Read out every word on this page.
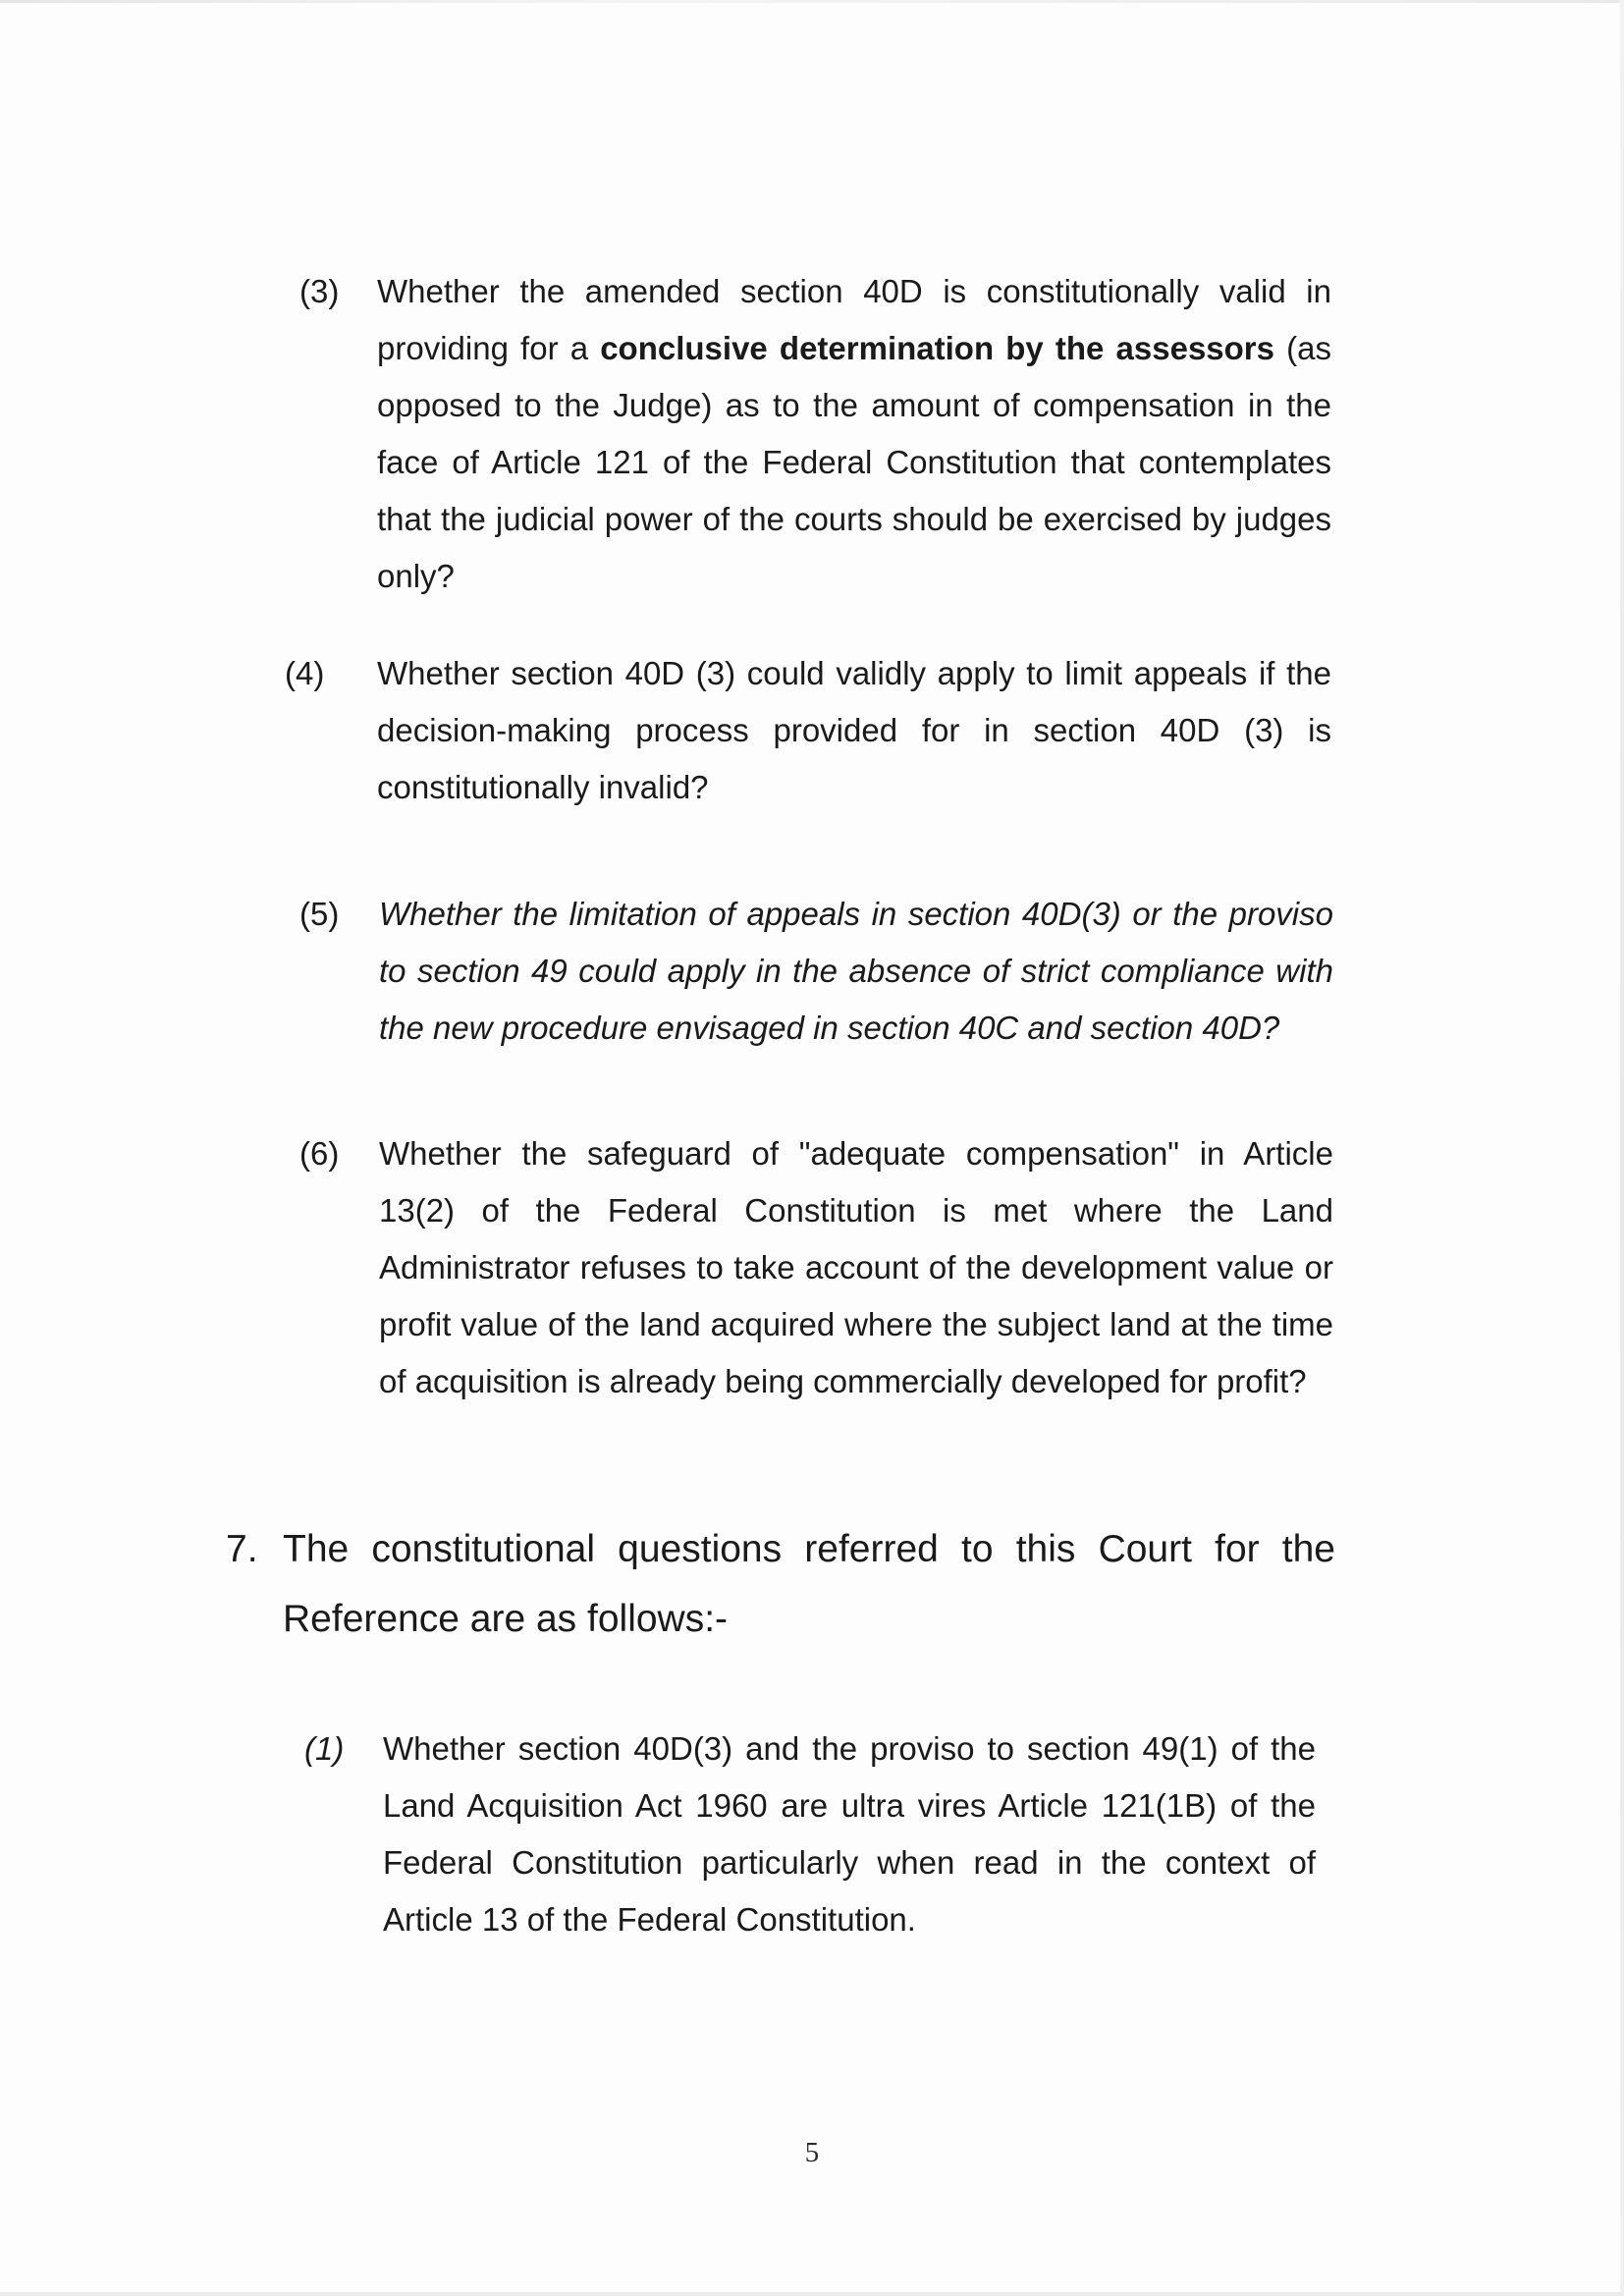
(3) Whether the amended section 40D is constitutionally valid in providing for a conclusive determination by the assessors (as opposed to the Judge) as to the amount of compensation in the face of Article 121 of the Federal Constitution that contemplates that the judicial power of the courts should be exercised by judges only?

(4) Whether section 40D (3) could validly apply to limit appeals if the decision-making process provided for in section 40D (3) is constitutionally invalid?

(5) Whether the limitation of appeals in section 40D(3) or the proviso to section 49 could apply in the absence of strict compliance with the new procedure envisaged in section 40C and section 40D?

(6) Whether the safeguard of "adequate compensation" in Article 13(2) of the Federal Constitution is met where the Land Administrator refuses to take account of the development value or profit value of the land acquired where the subject land at the time of acquisition is already being commercially developed for profit?

7. The constitutional questions referred to this Court for the Reference are as follows:-

(1) Whether section 40D(3) and the proviso to section 49(1) of the Land Acquisition Act 1960 are ultra vires Article 121(1B) of the Federal Constitution particularly when read in the context of Article 13 of the Federal Constitution.

5
